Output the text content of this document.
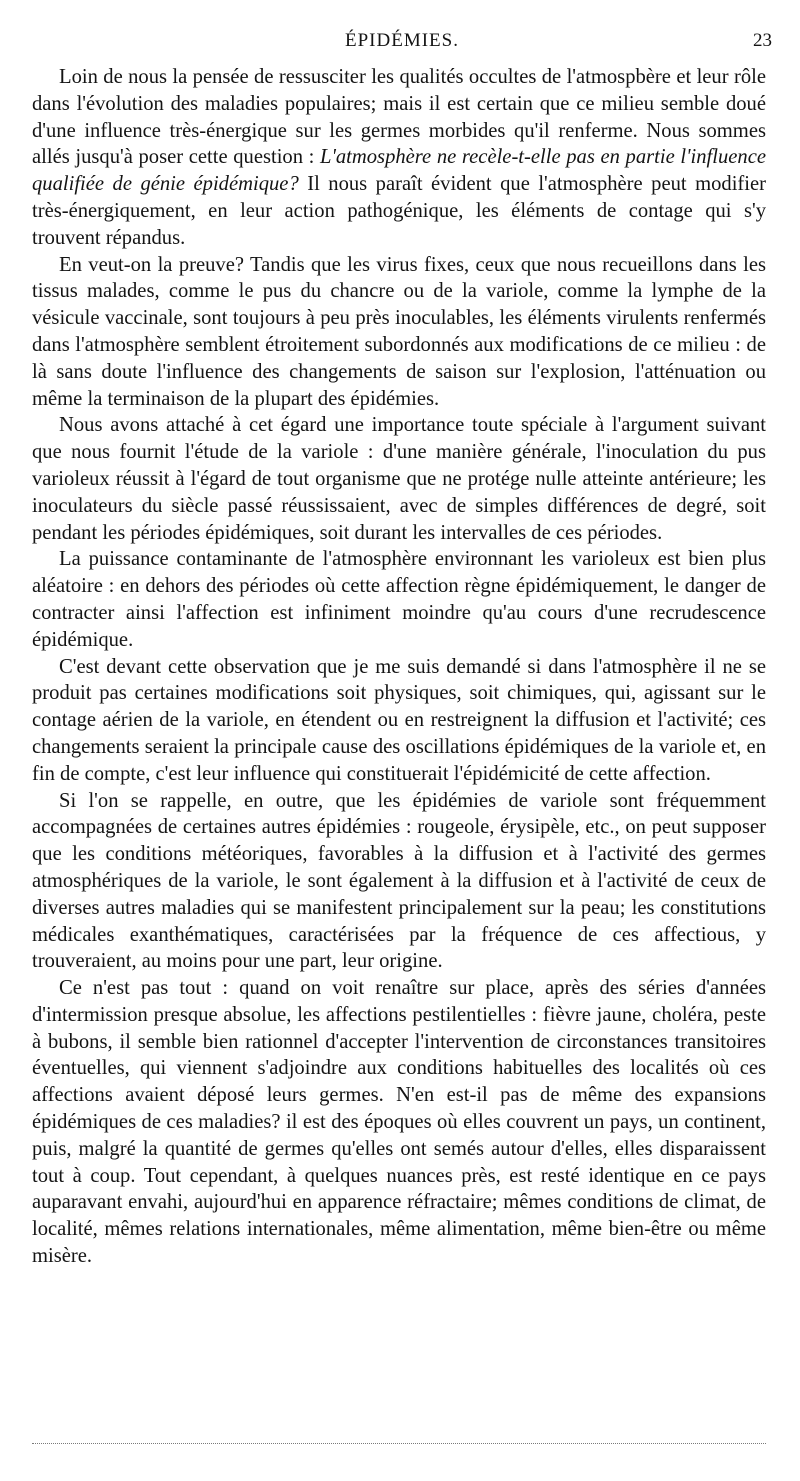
ÉPIDÉMIES.	23

Loin de nous la pensée de ressusciter les qualités occultes de l'atmospbère et leur rôle dans l'évolution des maladies populaires; mais il est certain que ce milieu semble doué d'une influence très-énergique sur les germes morbides qu'il renferme. Nous sommes allés jusqu'à poser cette question : L'atmosphère ne recèle-t-elle pas en partie l'influence qualifiée de génie épidémique? Il nous paraît évident que l'atmosphère peut modifier très-énergiquement, en leur action pathogénique, les éléments de contage qui s'y trouvent répandus.

En veut-on la preuve? Tandis que les virus fixes, ceux que nous recueillons dans les tissus malades, comme le pus du chancre ou de la variole, comme la lymphe de la vésicule vaccinale, sont toujours à peu près inoculables, les éléments virulents renfermés dans l'atmosphère semblent étroitement subordonnés aux modifications de ce milieu : de là sans doute l'influence des changements de saison sur l'explosion, l'atténuation ou même la terminaison de la plupart des épidémies.

Nous avons attaché à cet égard une importance toute spéciale à l'argument suivant que nous fournit l'étude de la variole : d'une manière générale, l'inoculation du pus varioleux réussit à l'égard de tout organisme que ne protége nulle atteinte antérieure; les inoculateurs du siècle passé réussissaient, avec de simples différences de degré, soit pendant les périodes épidémiques, soit durant les intervalles de ces périodes.

La puissance contaminante de l'atmosphère environnant les varioleux est bien plus aléatoire : en dehors des périodes où cette affection règne épidémiquement, le danger de contracter ainsi l'affection est infiniment moindre qu'au cours d'une recrudescence épidémique.

C'est devant cette observation que je me suis demandé si dans l'atmosphère il ne se produit pas certaines modifications soit physiques, soit chimiques, qui, agissant sur le contage aérien de la variole, en étendent ou en restreignent la diffusion et l'activité; ces changements seraient la principale cause des oscillations épidémiques de la variole et, en fin de compte, c'est leur influence qui constituerait l'épidémicité de cette affection.

Si l'on se rappelle, en outre, que les épidémies de variole sont fréquemment accompagnées de certaines autres épidémies : rougeole, érysipèle, etc., on peut supposer que les conditions météoriques, favorables à la diffusion et à l'activité des germes atmosphériques de la variole, le sont également à la diffusion et à l'activité de ceux de diverses autres maladies qui se manifestent principalement sur la peau; les constitutions médicales exanthématiques, caractérisées par la fréquence de ces affectious, y trouveraient, au moins pour une part, leur origine.

Ce n'est pas tout : quand on voit renaître sur place, après des séries d'années d'intermission presque absolue, les affections pestilentielles : fièvre jaune, choléra, peste à bubons, il semble bien rationnel d'accepter l'intervention de circonstances transitoires éventuelles, qui viennent s'adjoindre aux conditions habituelles des localités où ces affections avaient déposé leurs germes. N'en est-il pas de même des expansions épidémiques de ces maladies? il est des époques où elles couvrent un pays, un continent, puis, malgré la quantité de germes qu'elles ont semés autour d'elles, elles disparaissent tout à coup. Tout cependant, à quelques nuances près, est resté identique en ce pays auparavant envahi, aujourd'hui en apparence réfractaire; mêmes conditions de climat, de localité, mêmes relations internationales, même alimentation, même bien-être ou même misère.
